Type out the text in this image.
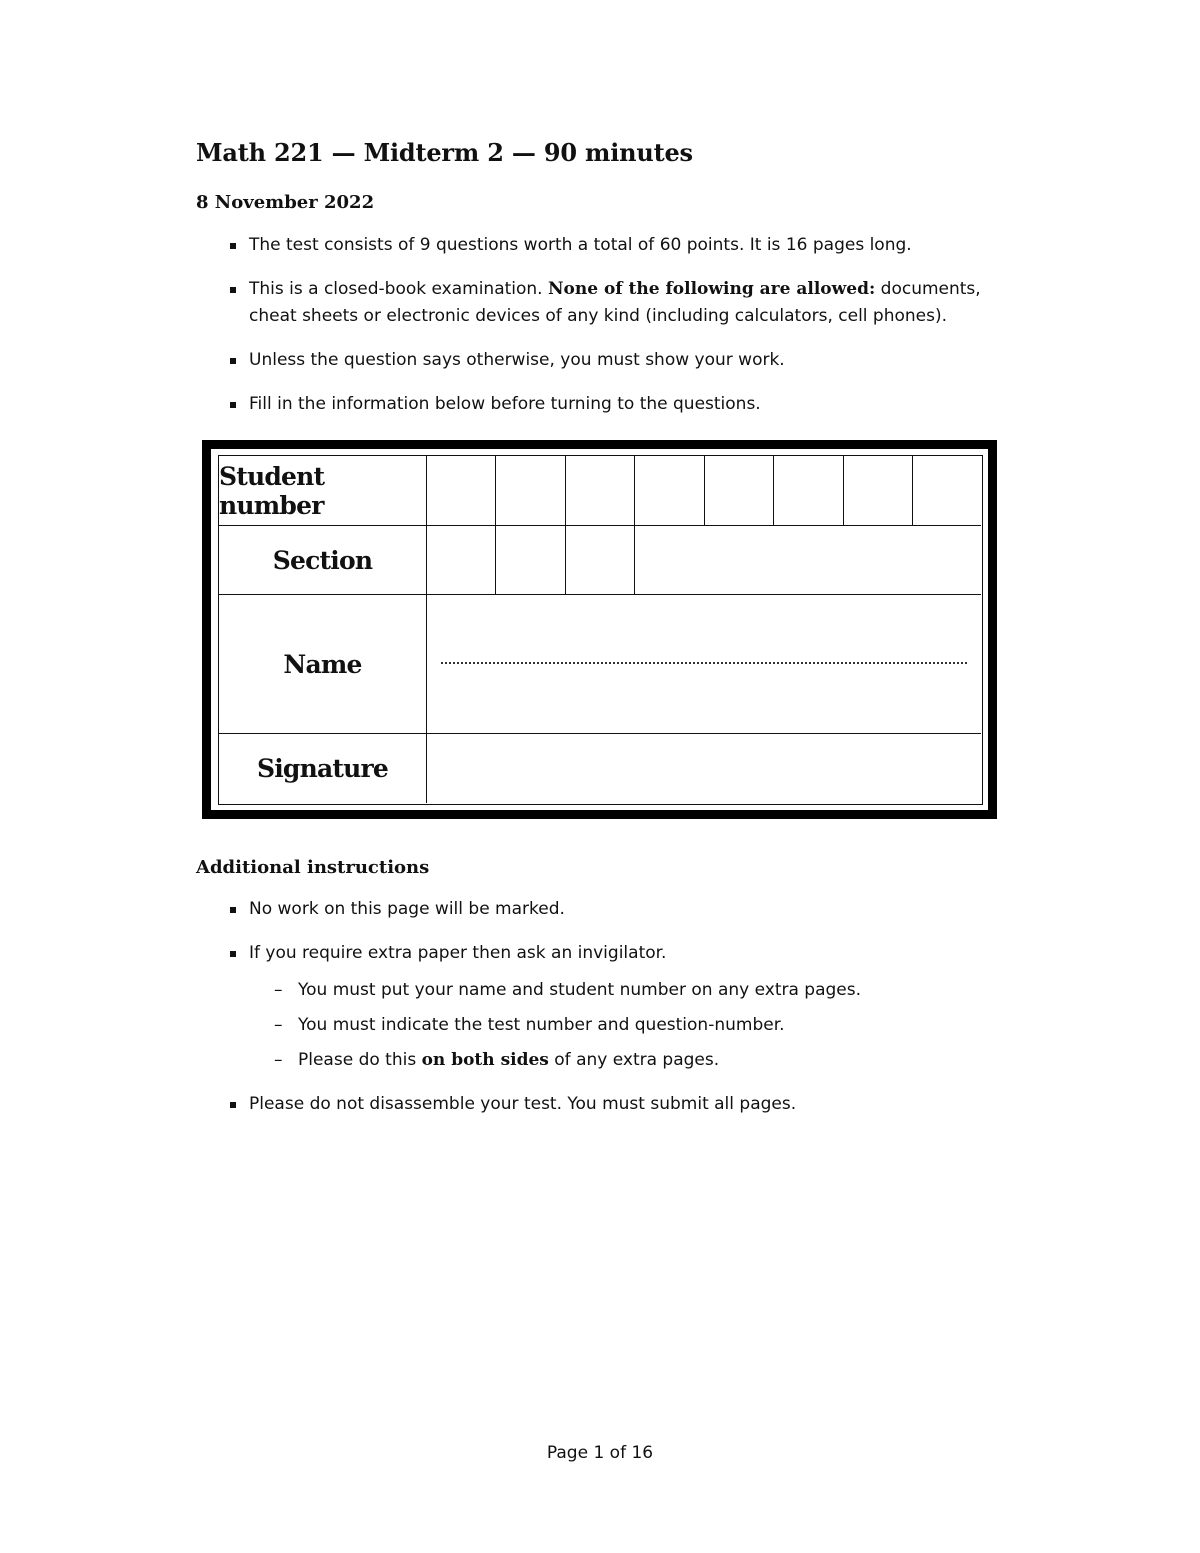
Math 221 — Midterm 2 — 90 minutes
8 November 2022
The test consists of 9 questions worth a total of 60 points. It is 16 pages long.
This is a closed-book examination. None of the following are allowed: documents, cheat sheets or electronic devices of any kind (including calculators, cell phones).
Unless the question says otherwise, you must show your work.
Fill in the information below before turning to the questions.
Student number
Section
Name
Signature
Additional instructions
No work on this page will be marked.
If you require extra paper then ask an invigilator.
– You must put your name and student number on any extra pages.
– You must indicate the test number and question-number.
– Please do this on both sides of any extra pages.
Please do not disassemble your test. You must submit all pages.
Page 1 of 16
